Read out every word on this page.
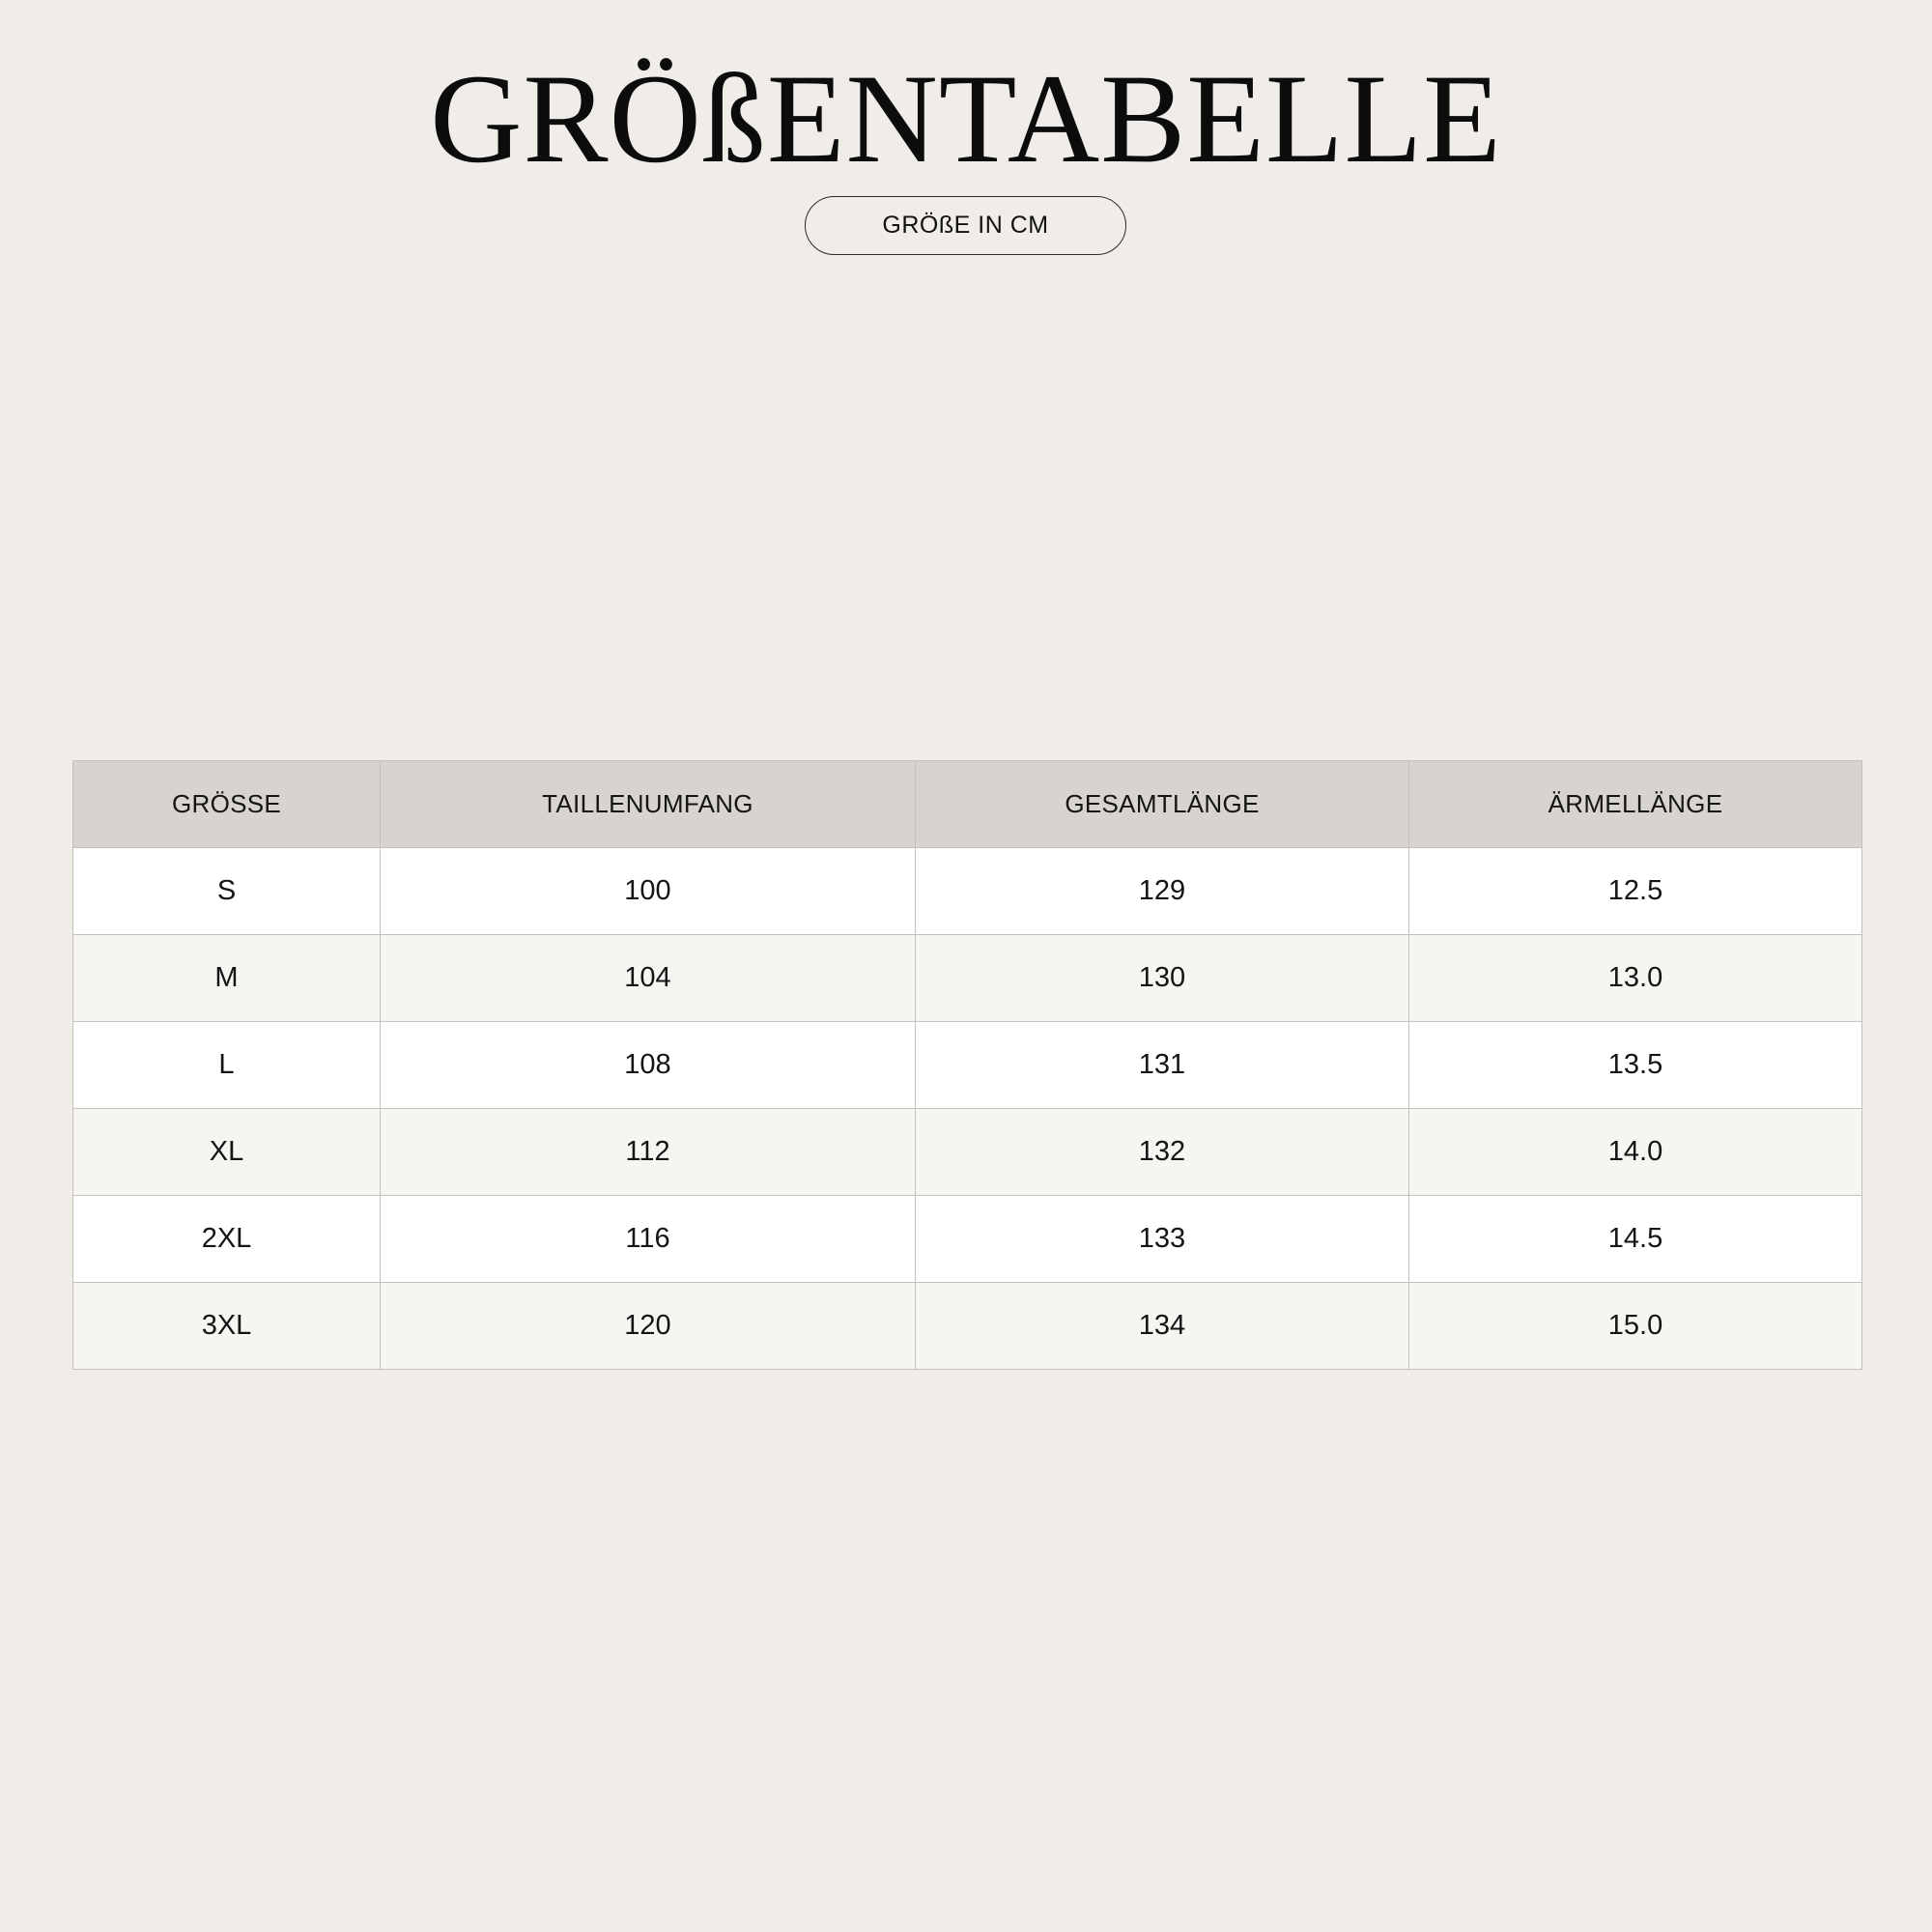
GRÖßENTABELLE
GRÖßE IN CM
GRÖSSE	TAILLENUMFANG	GESAMTLÄNGE	ÄRMELLÄNGE
S	100	129	12.5
M	104	130	13.0
L	108	131	13.5
XL	112	132	14.0
2XL	116	133	14.5
3XL	120	134	15.0
